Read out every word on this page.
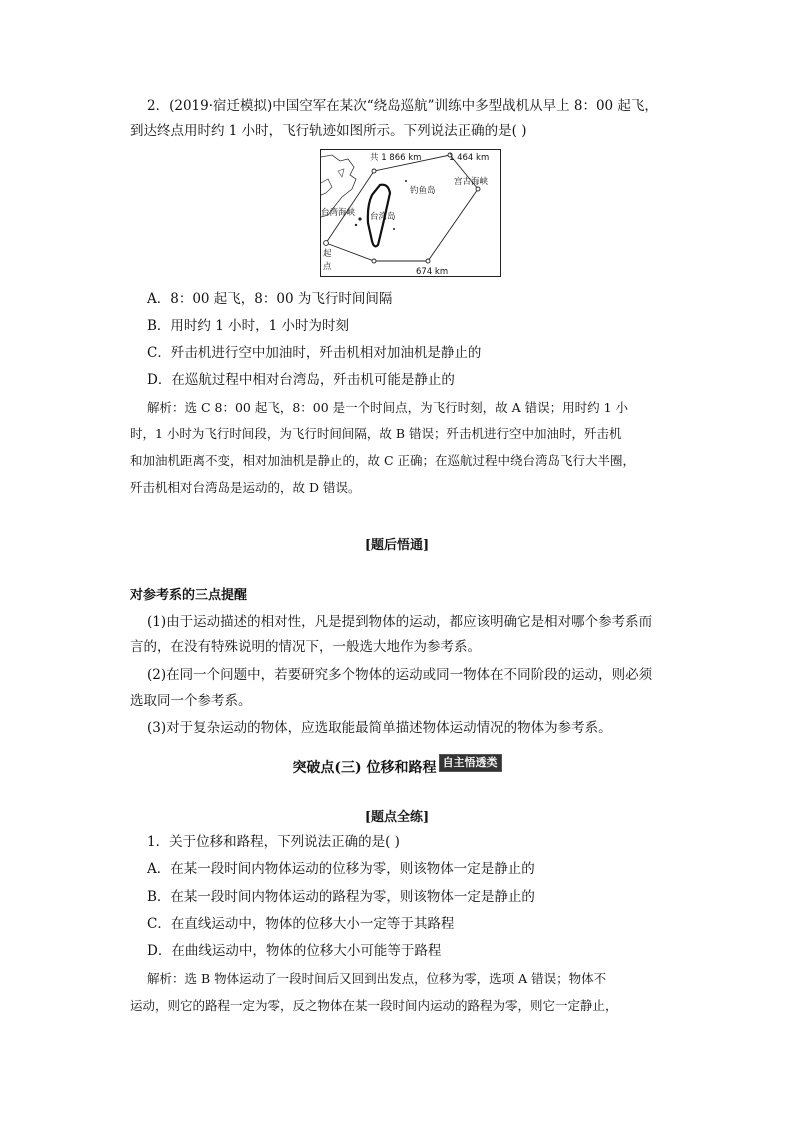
2．(2019·宿迁模拟)中国空军在某次“绕岛巡航”训练中多型战机从早上 8：00 起飞，
到达终点用时约 1 小时，飞行轨迹如图所示。下列说法正确的是( )
共 1 866 km	1 464 km
宫古海峡
钓鱼岛
台湾海峡 台湾岛
起
点	674 km
A．8：00 起飞，8：00 为飞行时间间隔
B．用时约 1 小时，1 小时为时刻
C．歼击机进行空中加油时，歼击机相对加油机是静止的
D．在巡航过程中相对台湾岛，歼击机可能是静止的
解析：选 C 8：00 起飞，8：00 是一个时间点，为飞行时刻，故 A 错误；用时约 1 小
时，1 小时为飞行时间段，为飞行时间间隔，故 B 错误；歼击机进行空中加油时，歼击机
和加油机距离不变，相对加油机是静止的，故 C 正确；在巡航过程中绕台湾岛飞行大半圈，
歼击机相对台湾岛是运动的，故 D 错误。
[题后悟通]
对参考系的三点提醒
(1)由于运动描述的相对性，凡是提到物体的运动，都应该明确它是相对哪个参考系而
言的，在没有特殊说明的情况下，一般选大地作为参考系。
(2)在同一个问题中，若要研究多个物体的运动或同一物体在不同阶段的运动，则必须
选取同一个参考系。
(3)对于复杂运动的物体，应选取能最简单描述物体运动情况的物体为参考系。
突破点(三) 位移和路程 自主悟透类
[题点全练]
1．关于位移和路程，下列说法正确的是( )
A．在某一段时间内物体运动的位移为零，则该物体一定是静止的
B．在某一段时间内物体运动的路程为零，则该物体一定是静止的
C．在直线运动中，物体的位移大小一定等于其路程
D．在曲线运动中，物体的位移大小可能等于路程
解析：选 B 物体运动了一段时间后又回到出发点，位移为零，选项 A 错误；物体不
运动，则它的路程一定为零，反之物体在某一段时间内运动的路程为零，则它一定静止，
